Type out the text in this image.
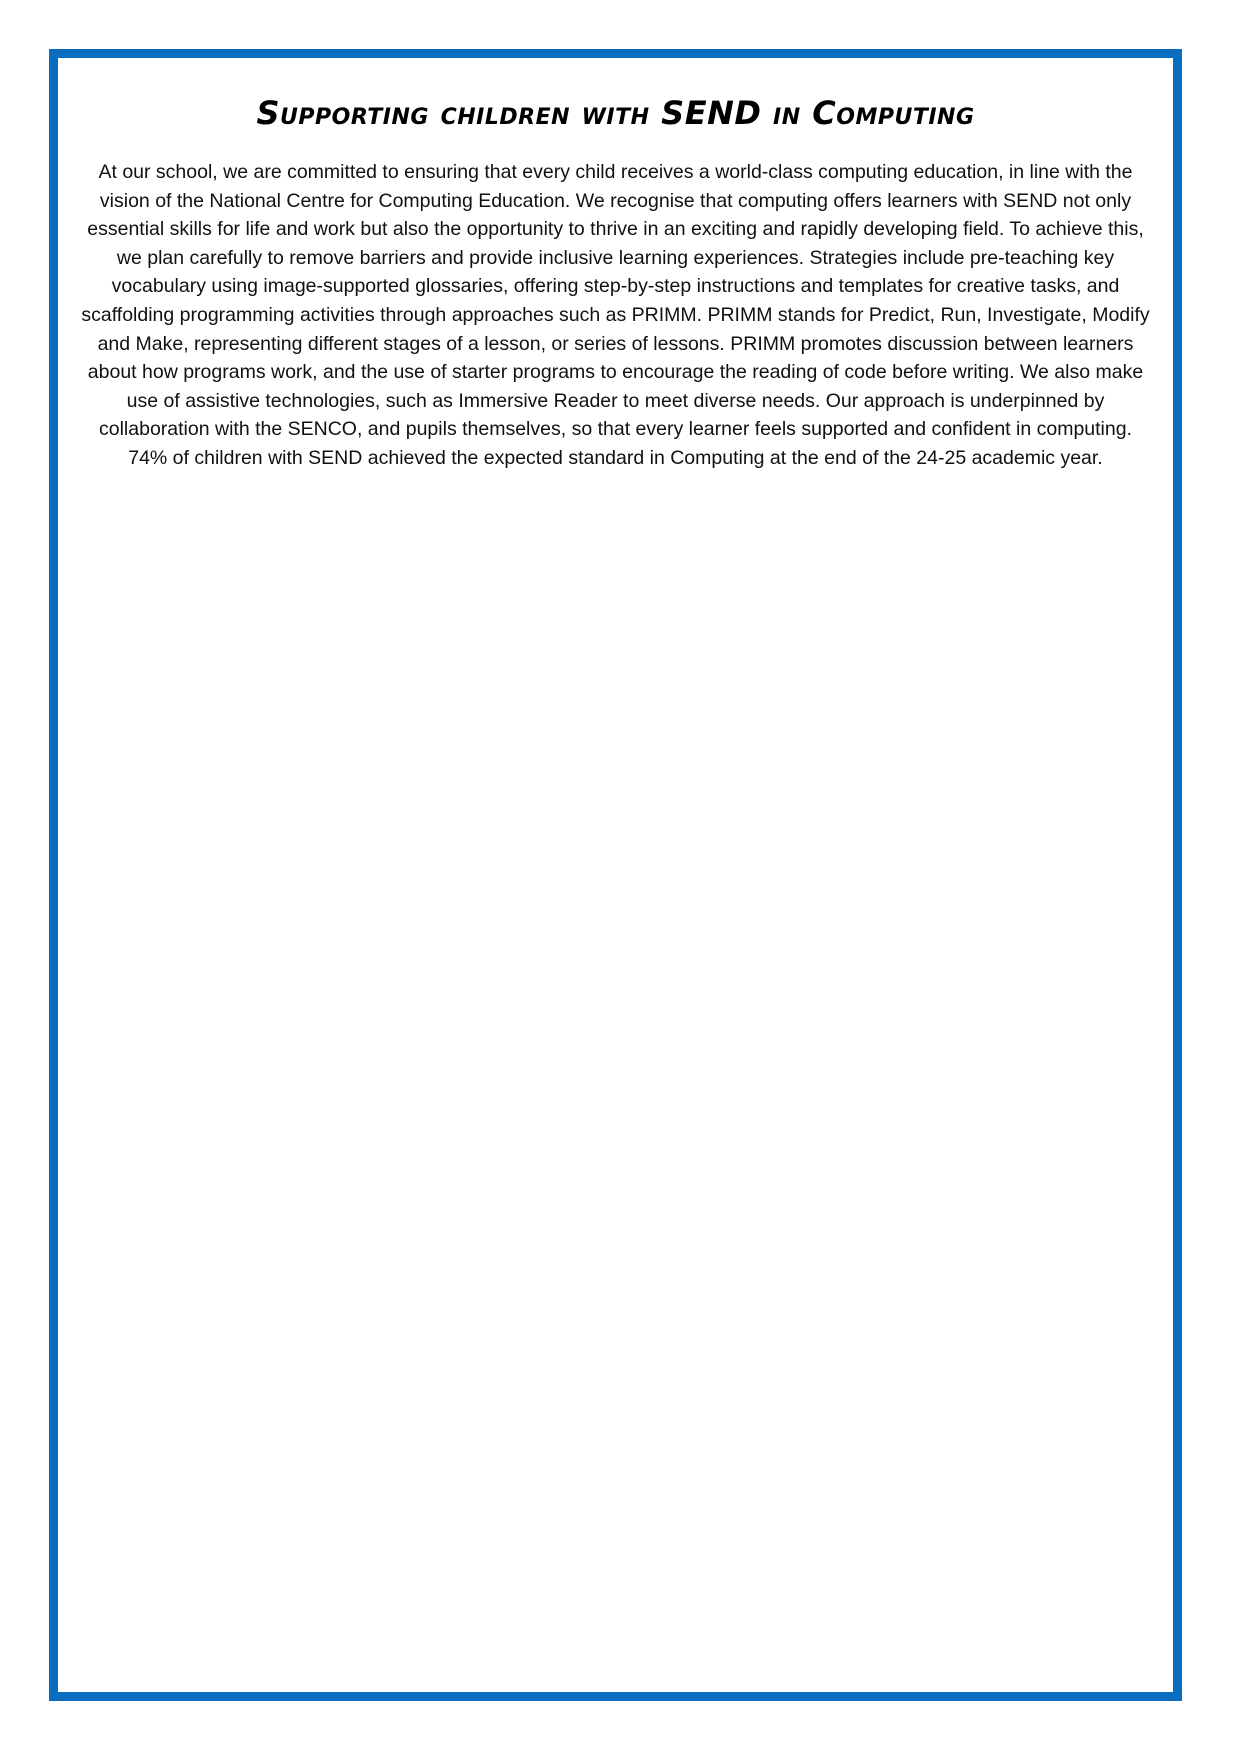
Supporting children with SEND in Computing

At our school, we are committed to ensuring that every child receives a world-class computing education, in line with the vision of the National Centre for Computing Education. We recognise that computing offers learners with SEND not only essential skills for life and work but also the opportunity to thrive in an exciting and rapidly developing field. To achieve this, we plan carefully to remove barriers and provide inclusive learning experiences. Strategies include pre-teaching key vocabulary using image-supported glossaries, offering step-by-step instructions and templates for creative tasks, and scaffolding programming activities through approaches such as PRIMM. PRIMM stands for Predict, Run, Investigate, Modify and Make, representing different stages of a lesson, or series of lessons. PRIMM promotes discussion between learners about how programs work, and the use of starter programs to encourage the reading of code before writing. We also make use of assistive technologies, such as Immersive Reader to meet diverse needs. Our approach is underpinned by collaboration with the SENCO, and pupils themselves, so that every learner feels supported and confident in computing. 74% of children with SEND achieved the expected standard in Computing at the end of the 24-25 academic year.
